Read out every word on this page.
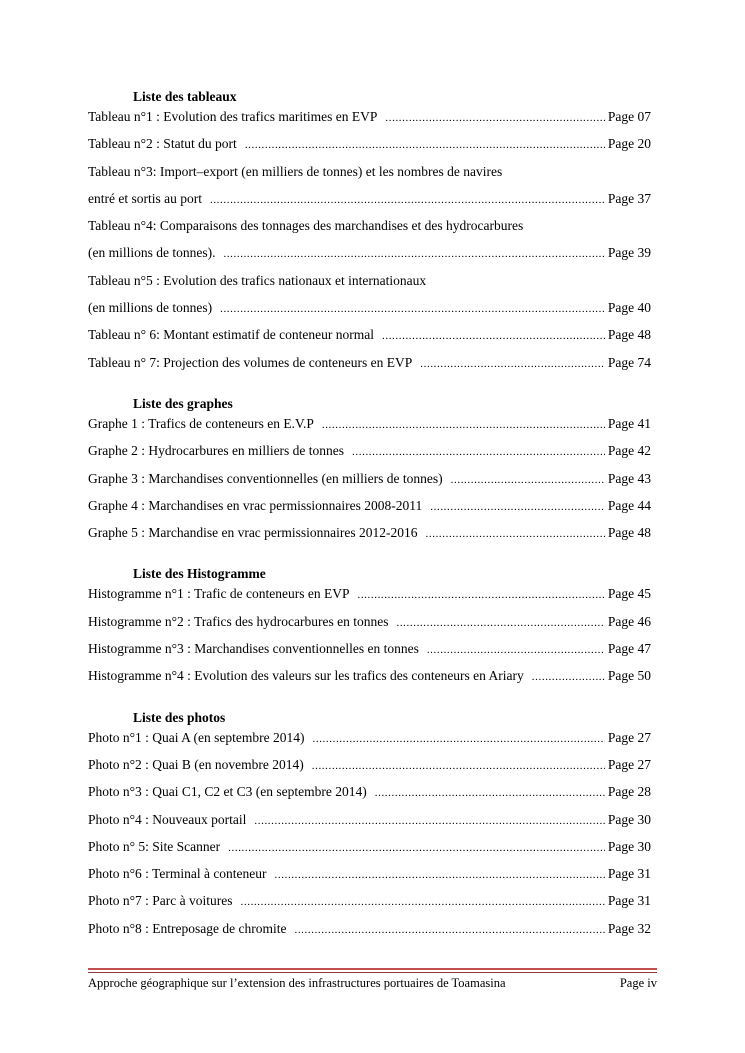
Liste des tableaux
Tableau n°1 : Evolution des trafics maritimes en EVP .....	Page 07
Tableau n°2 : Statut du port .....	Page 20
Tableau n°3: Import–export (en milliers de tonnes) et les nombres de navires
entré et sortis au port .....	Page 37
Tableau n°4: Comparaisons des tonnages des marchandises et des hydrocarbures
(en millions de tonnes). .....	Page 39
Tableau n°5 : Evolution des trafics nationaux et internationaux
(en millions de tonnes) .....	Page 40
Tableau n° 6: Montant estimatif de conteneur normal .....	Page 48
Tableau n° 7: Projection des volumes de conteneurs en EVP .....	Page 74
Liste des graphes
Graphe 1 : Trafics de conteneurs en E.V.P .....	Page 41
Graphe 2 : Hydrocarbures en milliers de tonnes .....	Page 42
Graphe 3 : Marchandises conventionnelles (en milliers de tonnes) .....	Page 43
Graphe 4 : Marchandises en vrac permissionnaires 2008-2011 .....	Page 44
Graphe 5 : Marchandise en vrac permissionnaires 2012-2016 .....	Page 48
Liste des Histogramme
Histogramme n°1 : Trafic de conteneurs en EVP .....	Page 45
Histogramme n°2 : Trafics des hydrocarbures en tonnes .....	Page 46
Histogramme n°3 : Marchandises conventionnelles en tonnes .....	Page 47
Histogramme n°4 : Evolution des valeurs sur les trafics des conteneurs en Ariary .....	Page 50
Liste des photos
Photo n°1 : Quai A (en septembre 2014) .....	Page 27
Photo n°2 : Quai B (en novembre 2014) .....	Page 27
Photo n°3 : Quai C1, C2 et C3 (en septembre 2014) .....	Page 28
Photo n°4 : Nouveaux portail .....	Page 30
Photo n° 5: Site Scanner .....	Page 30
Photo n°6 : Terminal à conteneur .....	Page 31
Photo n°7 : Parc à voitures .....	Page 31
Photo n°8 : Entreposage de chromite .....	Page 32
Approche géographique sur l’extension des infrastructures portuaires de Toamasina	Page iv
